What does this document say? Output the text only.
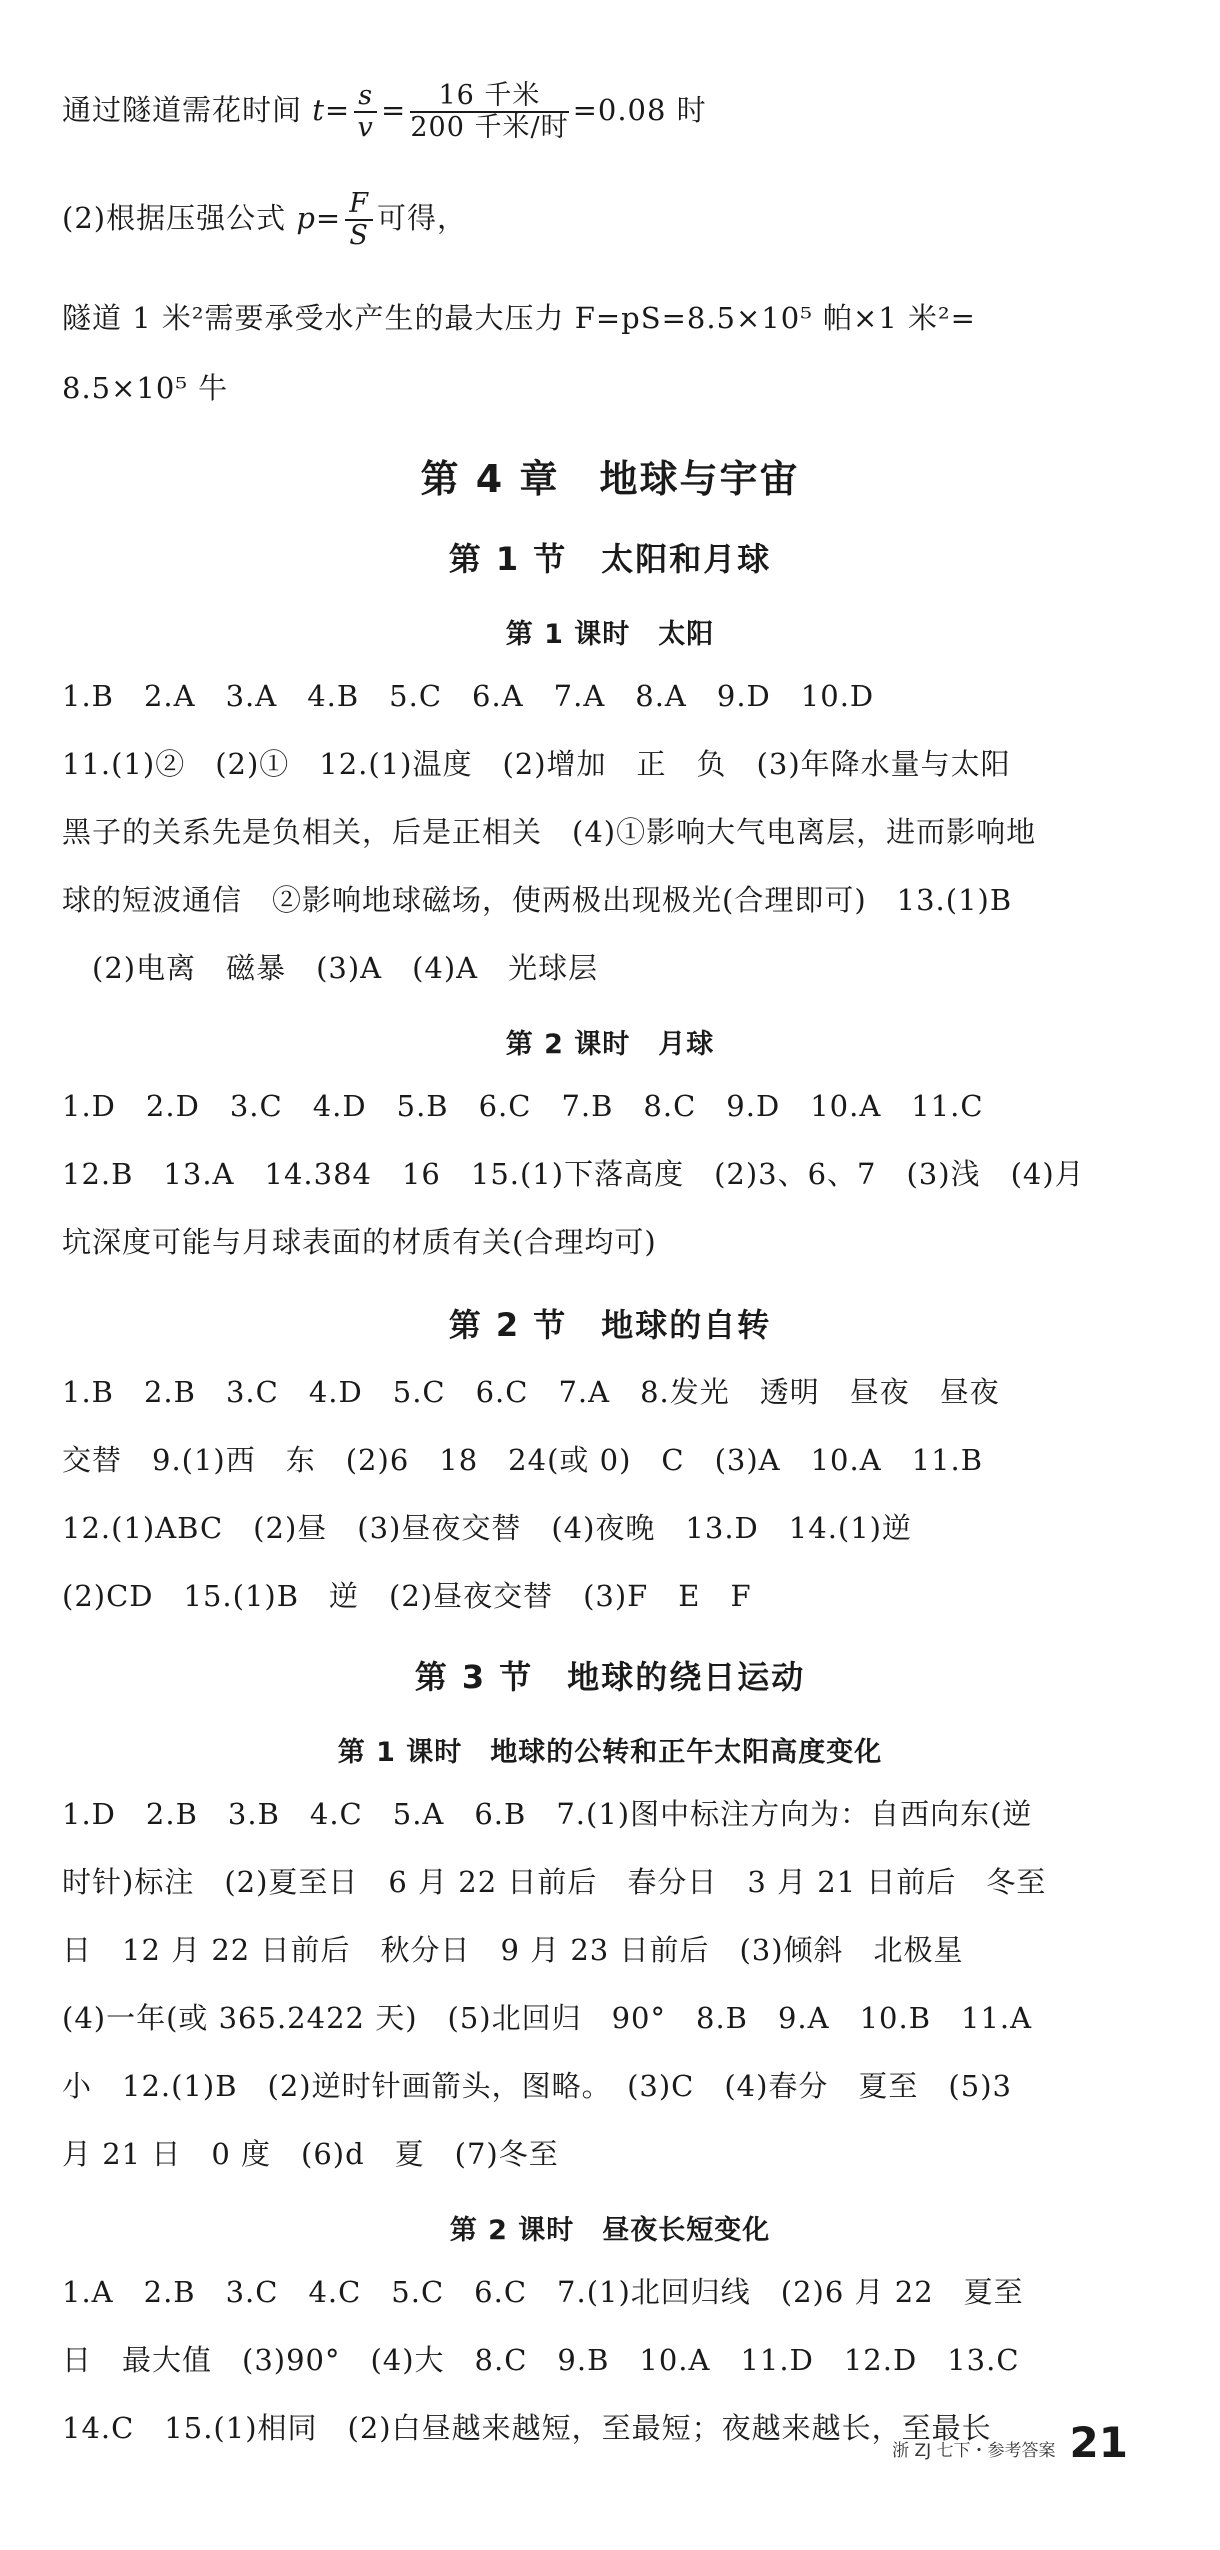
通过隧道需花时间 $t= \frac{s}{v} = \frac{\text{16 千米}}{\text{200 千米/时}} =0.08$ 时
(2)根据压强公式 $p= \frac{F}{S}$ 可得，
隧道 1 米²需要承受水产生的最大压力 F=pS=8.5×10⁵ 帕×1 米²=
8.5×10⁵ 牛
第 4 章　地球与宇宙
第 1 节　太阳和月球
第 1 课时　太阳
1.B　2.A　3.A　4.B　5.C　6.A　7.A　8.A　9.D　10.D
11.(1)②　(2)①　12.(1)温度　(2)增加　正　负　(3)年降水量与太阳
黑子的关系先是负相关，后是正相关　(4)①影响大气电离层，进而影响地
球的短波通信　②影响地球磁场，使两极出现极光(合理即可)　13.(1)B
　(2)电离　磁暴　(3)A　(4)A　光球层
第 2 课时　月球
1.D　2.D　3.C　4.D　5.B　6.C　7.B　8.C　9.D　10.A　11.C
12.B　13.A　14.384　16　15.(1)下落高度　(2)3、6、7　(3)浅　(4)月
坑深度可能与月球表面的材质有关(合理均可)
第 2 节　地球的自转
1.B　2.B　3.C　4.D　5.C　6.C　7.A　8.发光　透明　昼夜　昼夜
交替　9.(1)西　东　(2)6　18　24(或 0)　C　(3)A　10.A　11.B
12.(1)ABC　(2)昼　(3)昼夜交替　(4)夜晚　13.D　14.(1)逆
(2)CD　15.(1)B　逆　(2)昼夜交替　(3)F　E　F
第 3 节　地球的绕日运动
第 1 课时　地球的公转和正午太阳高度变化
1.D　2.B　3.B　4.C　5.A　6.B　7.(1)图中标注方向为：自西向东(逆
时针)标注　(2)夏至日　6 月 22 日前后　春分日　3 月 21 日前后　冬至
日　12 月 22 日前后　秋分日　9 月 23 日前后　(3)倾斜　北极星
(4)一年(或 365.2422 天)　(5)北回归　90°　8.B　9.A　10.B　11.A
小　12.(1)B　(2)逆时针画箭头，图略。　(3)C　(4)春分　夏至　(5)3
月 21 日　0 度　(6)d　夏　(7)冬至
第 2 课时　昼夜长短变化
1.A　2.B　3.C　4.C　5.C　6.C　7.(1)北回归线　(2)6 月 22　夏至
日　最大值　(3)90°　(4)大　8.C　9.B　10.A　11.D　12.D　13.C
14.C　15.(1)相同　(2)白昼越来越短，至最短；夜越来越长，至最长
浙 ZJ 七下・参考答案 21
